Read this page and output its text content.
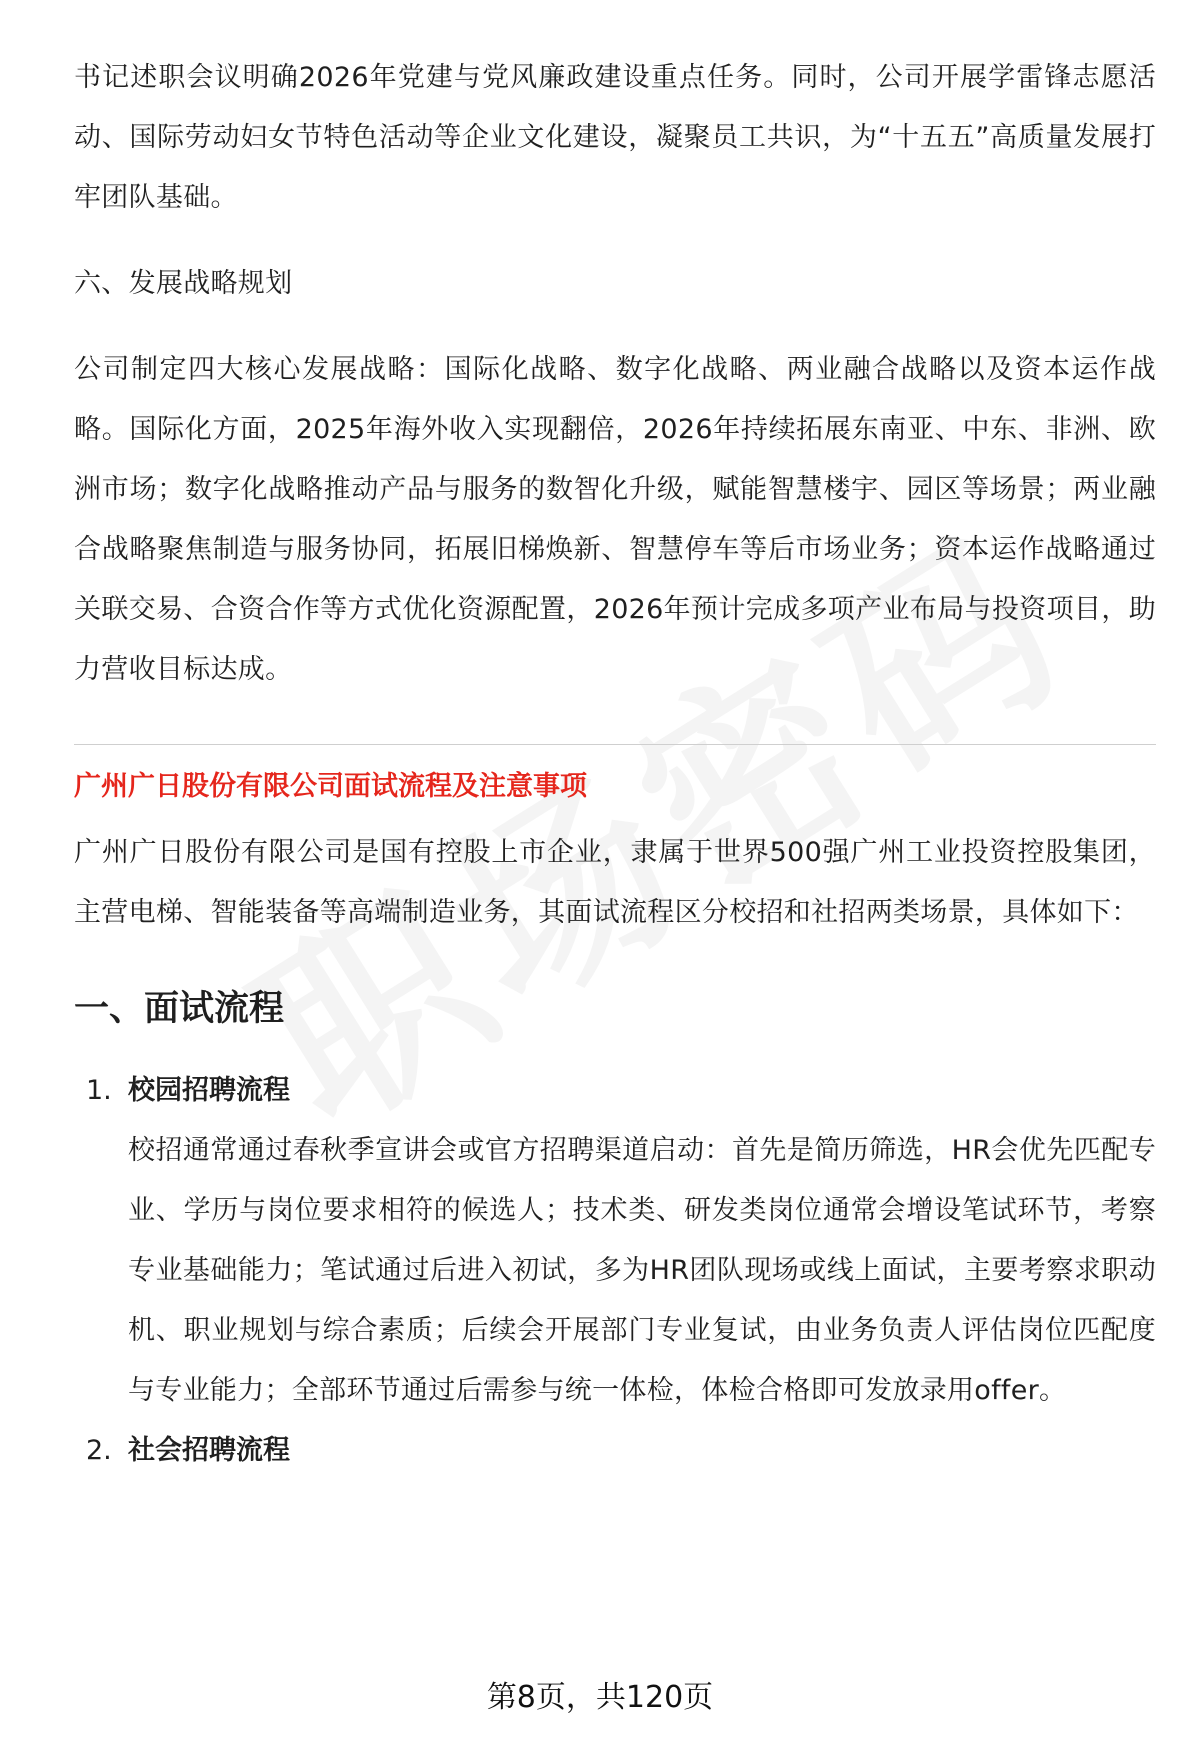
书记述职会议明确2026年党建与党风廉政建设重点任务。同时，公司开展学雷锋志愿活动、国际劳动妇女节特色活动等企业文化建设，凝聚员工共识，为“十五五”高质量发展打牢团队基础。

六、发展战略规划

公司制定四大核心发展战略：国际化战略、数字化战略、两业融合战略以及资本运作战略。国际化方面，2025年海外收入实现翻倍，2026年持续拓展东南亚、中东、非洲、欧洲市场；数字化战略推动产品与服务的数智化升级，赋能智慧楼宇、园区等场景；两业融合战略聚焦制造与服务协同，拓展旧梯焕新、智慧停车等后市场业务；资本运作战略通过关联交易、合资合作等方式优化资源配置，2026年预计完成多项产业布局与投资项目，助力营收目标达成。

广州广日股份有限公司面试流程及注意事项

广州广日股份有限公司是国有控股上市企业，隶属于世界500强广州工业投资控股集团，主营电梯、智能装备等高端制造业务，其面试流程区分校招和社招两类场景，具体如下：

一、面试流程
1. 校园招聘流程

校招通常通过春秋季宣讲会或官方招聘渠道启动：首先是简历筛选，HR会优先匹配专业、学历与岗位要求相符的候选人；技术类、研发类岗位通常会增设笔试环节，考察专业基础能力；笔试通过后进入初试，多为HR团队现场或线上面试，主要考察求职动机、职业规划与综合素质；后续会开展部门专业复试，由业务负责人评估岗位匹配度与专业能力；全部环节通过后需参与统一体检，体检合格即可发放录用offer。

2. 社会招聘流程

第8页，共120页
